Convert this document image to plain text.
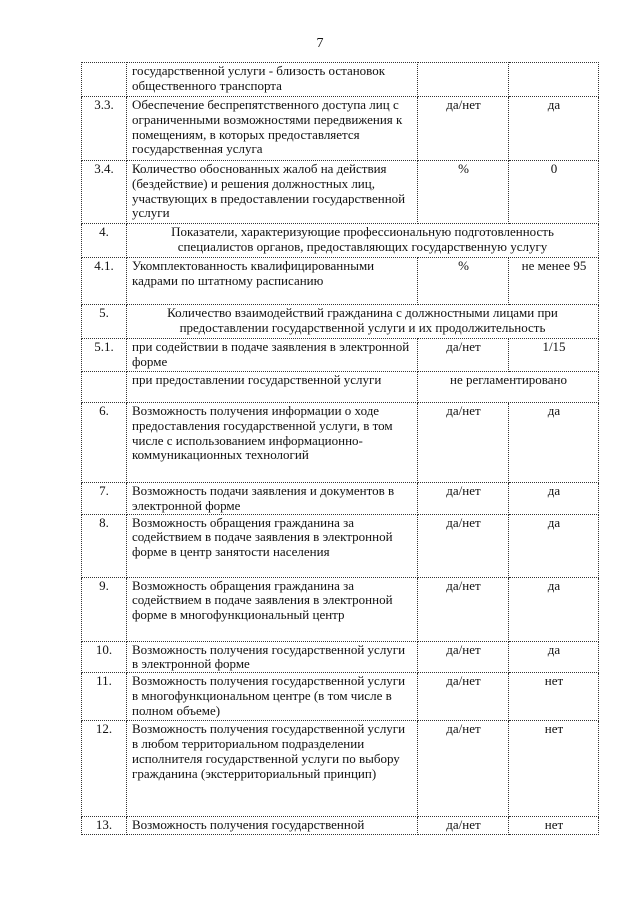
7
	государственной услуги - близость остановок общественного транспорта		
3.3.	Обеспечение беспрепятственного доступа лиц с ограниченными возможностями передвижения к помещениям, в которых предоставляется государственная услуга	да/нет	да
3.4.	Количество обоснованных жалоб на действия (бездействие) и решения должностных лиц, участвующих в предоставлении государственной услуги	%	0
4.	Показатели, характеризующие профессиональную подготовленность специалистов органов, предоставляющих государственную услугу		
4.1.	Укомплектованность квалифицированными кадрами по штатному расписанию	%	не менее 95
5.	Количество взаимодействий гражданина с должностными лицами при предоставлении государственной услуги и их продолжительность		
5.1.	при содействии в подаче заявления в электронной форме	да/нет	1/15
	при предоставлении государственной услуги	не регламентировано	
6.	Возможность получения информации о ходе предоставления государственной услуги, в том числе с использованием информационно-коммуникационных технологий	да/нет	да
7.	Возможность подачи заявления и документов в электронной форме	да/нет	да
8.	Возможность обращения гражданина за содействием в подаче заявления в электронной форме в центр занятости населения	да/нет	да
9.	Возможность обращения гражданина за содействием в подаче заявления в электронной форме в многофункциональный центр	да/нет	да
10.	Возможность получения государственной услуги в электронной форме	да/нет	да
11.	Возможность получения государственной услуги в многофункциональном центре (в том числе в полном объеме)	да/нет	нет
12.	Возможность получения государственной услуги в любом территориальном подразделении исполнителя государственной услуги по выбору гражданина (экстерриториальный принцип)	да/нет	нет
13.	Возможность получения государственной	да/нет	нет
